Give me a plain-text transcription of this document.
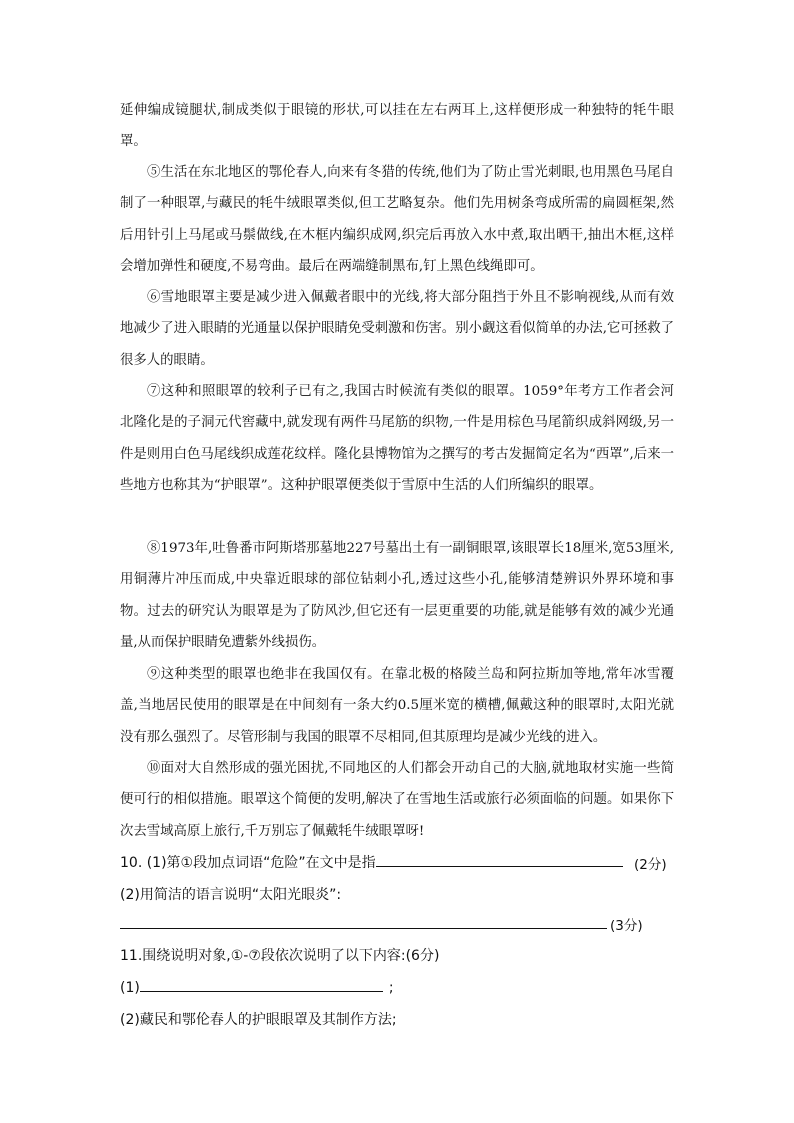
延伸编成镜腿状,制成类似于眼镜的形状,可以挂在左右两耳上,这样便形成一种独特的牦牛眼罩。

⑤生活在东北地区的鄂伦春人,向来有冬猎的传统,他们为了防止雪光刺眼,也用黑色马尾自制了一种眼罩,与藏民的牦牛绒眼罩类似,但工艺略复杂。他们先用树条弯成所需的扁圆框架,然后用针引上马尾或马鬃做线,在木框内编织成网,织完后再放入水中煮,取出晒干,抽出木框,这样会增加弹性和硬度,不易弯曲。最后在两端缝制黑布,钉上黑色线绳即可。

⑥雪地眼罩主要是减少进入佩戴者眼中的光线,将大部分阻挡于外且不影响视线,从而有效地减少了进入眼睛的光通量以保护眼睛免受刺激和伤害。别小觑这看似简单的办法,它可拯救了很多人的眼睛。

⑦这种和照眼罩的较利子已有之,我国古时候流有类似的眼罩。1059°年考方工作者会河北隆化是的子洞元代窖藏中,就发现有两件马尾筋的织物,一件是用棕色马尾箭织成斜网级,另一件是则用白色马尾线织成莲花纹样。隆化县博物馆为之撰写的考古发掘简定名为“西罩”,后来一些地方也称其为“护眼罩”。这种护眼罩便类似于雪原中生活的人们所编织的眼罩。

⑧1973年,吐鲁番市阿斯塔那墓地227号墓出土有一副铜眼罩,该眼罩长18厘米,宽53厘米,用铜薄片冲压而成,中央靠近眼球的部位钻刺小孔,透过这些小孔,能够清楚辨识外界环境和事物。过去的研究认为眼罩是为了防风沙,但它还有一层更重要的功能,就是能够有效的减少光通量,从而保护眼睛免遭紫外线损伤。

⑨这种类型的眼罩也绝非在我国仅有。在靠北极的格陵兰岛和阿拉斯加等地,常年冰雪覆盖,当地居民使用的眼罩是在中间刻有一条大约0.5厘米宽的横槽,佩戴这种的眼罩时,太阳光就没有那么强烈了。尽管形制与我国的眼罩不尽相同,但其原理均是减少光线的进入。

⑩面对大自然形成的强光困扰,不同地区的人们都会开动自己的大脑,就地取材实施一些简便可行的相似措施。眼罩这个简便的发明,解决了在雪地生活或旅行必须面临的问题。如果你下次去雪域高原上旅行,千万别忘了佩戴牦牛绒眼罩呀!

10. (1)第①段加点词语“危险”在文中是指	(2分)
(2)用简洁的语言说明“太阳光眼炎”:
(3分)
11.围绕说明对象,①-⑦段依次说明了以下内容:(6分)
(1)	;
(2)藏民和鄂伦春人的护眼眼罩及其制作方法;
